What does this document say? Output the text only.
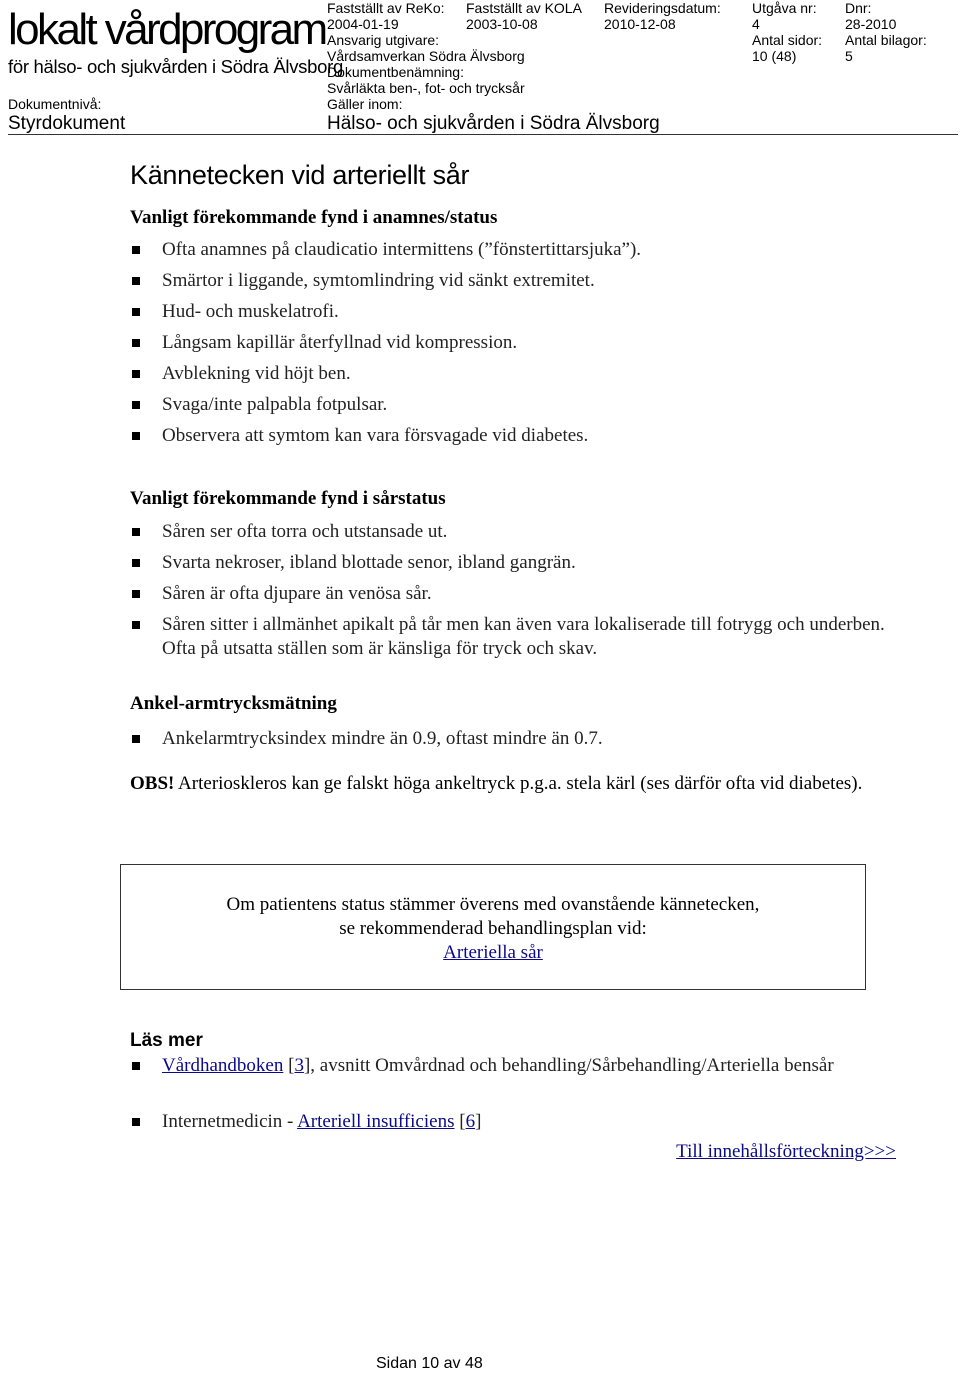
lokalt vårdprogram
för hälso- och sjukvården i Södra Älvsborg
Dokumentnivå:
Styrdokument
Fastställt av ReKo:
2004-01-19
Fastställt av KOLA
2003-10-08
Revideringsdatum:
2010-12-08
Utgåva nr:
4
Dnr:
28-2010
Ansvarig utgivare:
Vårdsamverkan Södra Älvsborg
Antal sidor:
10 (48)
Antal bilagor:
5
Dokumentbenämning:
Svårläkta ben-, fot- och trycksår
Gäller inom:
Hälso- och sjukvården i Södra Älvsborg
Kännetecken vid arteriellt sår
Vanligt förekommande fynd i anamnes/status
Ofta anamnes på claudicatio intermittens (”fönstertittarsjuka”).
Smärtor i liggande, symtomlindring vid sänkt extremitet.
Hud- och muskelatrofi.
Långsam kapillär återfyllnad vid kompression.
Avblekning vid höjt ben.
Svaga/inte palpabla fotpulsar.
Observera att symtom kan vara försvagade vid diabetes.
Vanligt förekommande fynd i sårstatus
Såren ser ofta torra och utstansade ut.
Svarta nekroser, ibland blottade senor, ibland gangrän.
Såren är ofta djupare än venösa sår.
Såren sitter i allmänhet apikalt på tår men kan även vara lokaliserade till fotrygg och underben. Ofta på utsatta ställen som är känsliga för tryck och skav.
Ankel-armtrycksmätning
Ankelarmtrycksindex mindre än 0.9, oftast mindre än 0.7.
OBS! Arterioskleros kan ge falskt höga ankeltryck p.g.a. stela kärl (ses därför ofta vid diabetes).
Om patientens status stämmer överens med ovanstående kännetecken,
se rekommenderad behandlingsplan vid:
Arteriella sår
Läs mer
Vårdhandboken [3], avsnitt Omvårdnad och behandling/Sårbehandling/Arteriella bensår
Internetmedicin - Arteriell insufficiens [6]
Till innehållsförteckning>>>
Sidan 10 av 48
